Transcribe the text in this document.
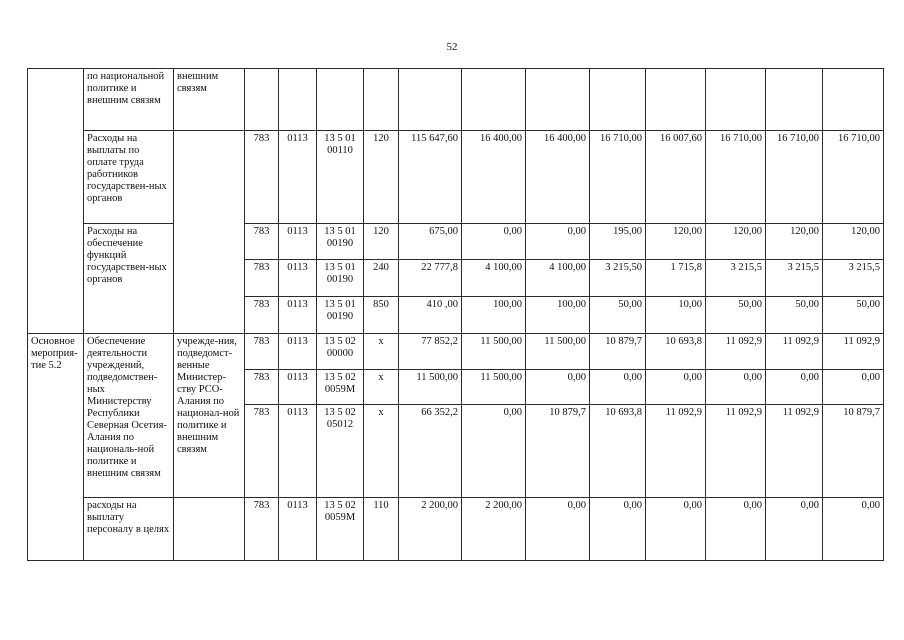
52
	по национальной политике и внешним связям	внешним связям												
	Расходы на выплаты по оплате труда работников государствен-ных органов		783	0113	13 5 01 00110	120	115 647,60	16 400,00	16 400,00	16 710,00	16 007,60	16 710,00	16 710,00	16 710,00
	Расходы на обеспечение функций государствен-ных органов		783	0113	13 5 01 00190	120	675,00	0,00	0,00	195,00	120,00	120,00	120,00	120,00
			783	0113	13 5 01 00190	240	22 777,8	4 100,00	4 100,00	3 215,50	1 715,8	3 215,5	3 215,5	3 215,5
			783	0113	13 5 01 00190	850	410 ,00	100,00	100,00	50,00	10,00	50,00	50,00	50,00
Основное мероприя-тие 5.2	Обеспечение деятельности учреждений, подведомствен-ных Министерству Республики Северная Осетия-Алания по националь-ной политике и внешним связям	учрежде-ния, подведомст-венные Министер-ству РСО-Алания по национал-ной политике и внешним связям	783	0113	13 5 02 00000	x	77 852,2	11 500,00	11 500,00	10 879,7	10 693,8	11 092,9	11 092,9	11 092,9
			783	0113	13 5 02 0059M	x	11 500,00	11 500,00	0,00	0,00	0,00	0,00	0,00	0,00
			783	0113	13 5 02 05012	x	66 352,2	0,00	10 879,7	10 693,8	11 092,9	11 092,9	11 092,9	10 879,7
	расходы на выплату персоналу в целях		783	0113	13 5 02 0059M	110	2 200,00	2 200,00	0,00	0,00	0,00	0,00	0,00	0,00
